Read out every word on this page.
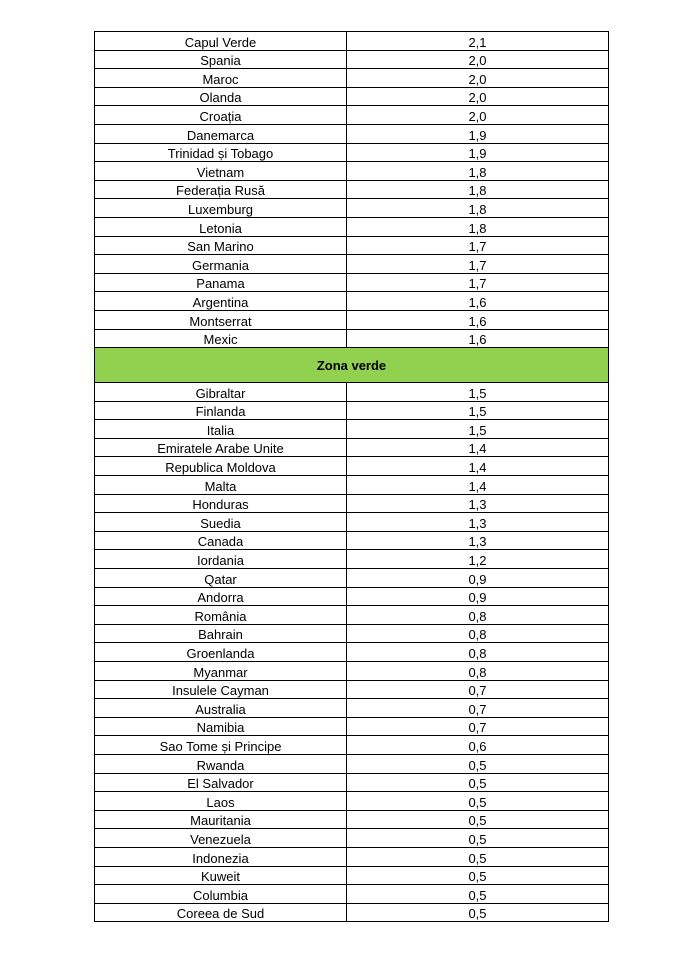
Capul Verde	2,1
Spania	2,0
Maroc	2,0
Olanda	2,0
Croația	2,0
Danemarca	1,9
Trinidad și Tobago	1,9
Vietnam	1,8
Federația Rusă	1,8
Luxemburg	1,8
Letonia	1,8
San Marino	1,7
Germania	1,7
Panama	1,7
Argentina	1,6
Montserrat	1,6
Mexic	1,6
Zona verde	
Gibraltar	1,5
Finlanda	1,5
Italia	1,5
Emiratele Arabe Unite	1,4
Republica Moldova	1,4
Malta	1,4
Honduras	1,3
Suedia	1,3
Canada	1,3
Iordania	1,2
Qatar	0,9
Andorra	0,9
România	0,8
Bahrain	0,8
Groenlanda	0,8
Myanmar	0,8
Insulele Cayman	0,7
Australia	0,7
Namibia	0,7
Sao Tome și Principe	0,6
Rwanda	0,5
El Salvador	0,5
Laos	0,5
Mauritania	0,5
Venezuela	0,5
Indonezia	0,5
Kuweit	0,5
Columbia	0,5
Coreea de Sud	0,5
